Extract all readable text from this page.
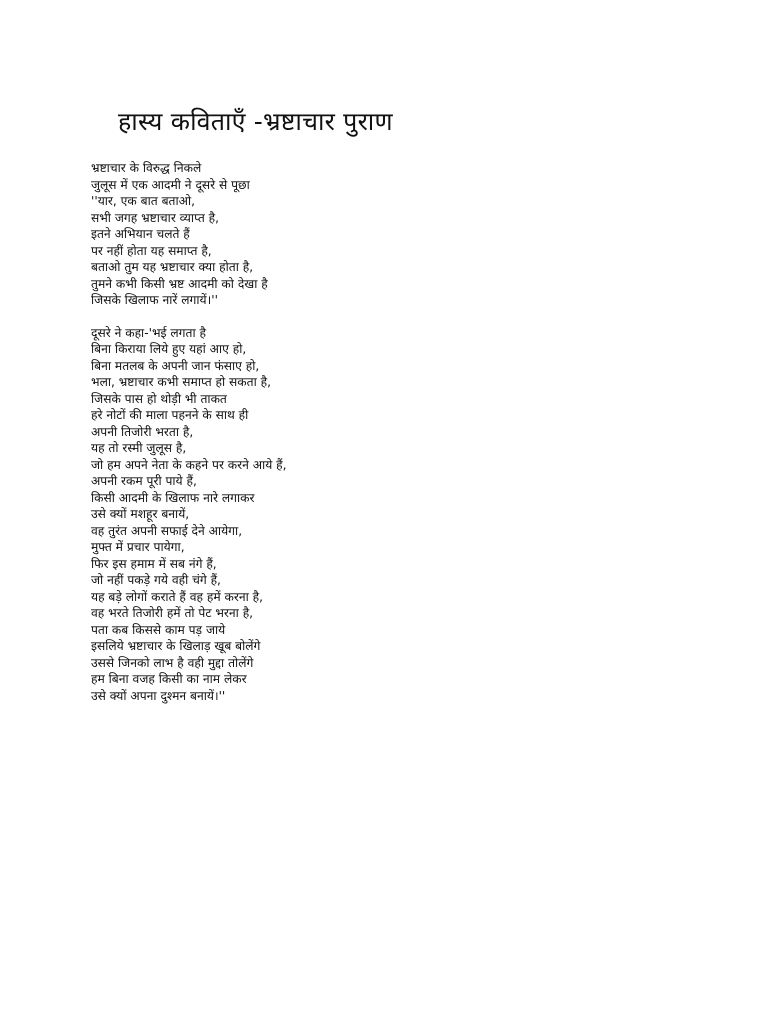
हास्य कविताएँ -भ्रष्टाचार पुराण
भ्रष्टाचार के विरुद्ध निकले
जुलूस में एक आदमी ने दूसरे से पूछा
''यार, एक बात बताओ,
सभी जगह भ्रष्टाचार व्याप्त है,
इतने अभियान चलते हैं
पर नहीं होता यह समाप्त है,
बताओ तुम यह भ्रष्टाचार क्या होता है,
तुमने कभी किसी भ्रष्ट आदमी को देखा है
जिसके खिलाफ नारें लगायें।''
दूसरे ने कहा-'भई लगता है
बिना किराया लिये हुए यहां आए हो,
बिना मतलब के अपनी जान फंसाए हो,
भला, भ्रष्टाचार कभी समाप्त हो सकता है,
जिसके पास हो थोड़ी भी ताकत
हरे नोटों की माला पहनने के साथ ही
अपनी तिजोरी भरता है,
यह तो रस्मी जुलूस है,
जो हम अपने नेता के कहने पर करने आये हैं,
अपनी रकम पूरी पाये हैं,
किसी आदमी के खिलाफ नारे लगाकर
उसे क्यों मशहूर बनायें,
वह तुरंत अपनी सफाई देने आयेगा,
मुफ्त में प्रचार पायेगा,
फिर इस हमाम में सब नंगे हैं,
जो नहीं पकड़े गये वही चंगे हैं,
यह बड़े लोगों कराते हैं वह हमें करना है,
वह भरते तिजोरी हमें तो पेट भरना है,
पता कब किससे काम पड़ जाये
इसलिये भ्रष्टाचार के खिलाड़ खूब बोलेंगे
उससे जिनको लाभ है वही मुद्दा तोलेंगे
हम बिना वजह किसी का नाम लेकर
उसे क्यों अपना दुश्मन बनायें।''
